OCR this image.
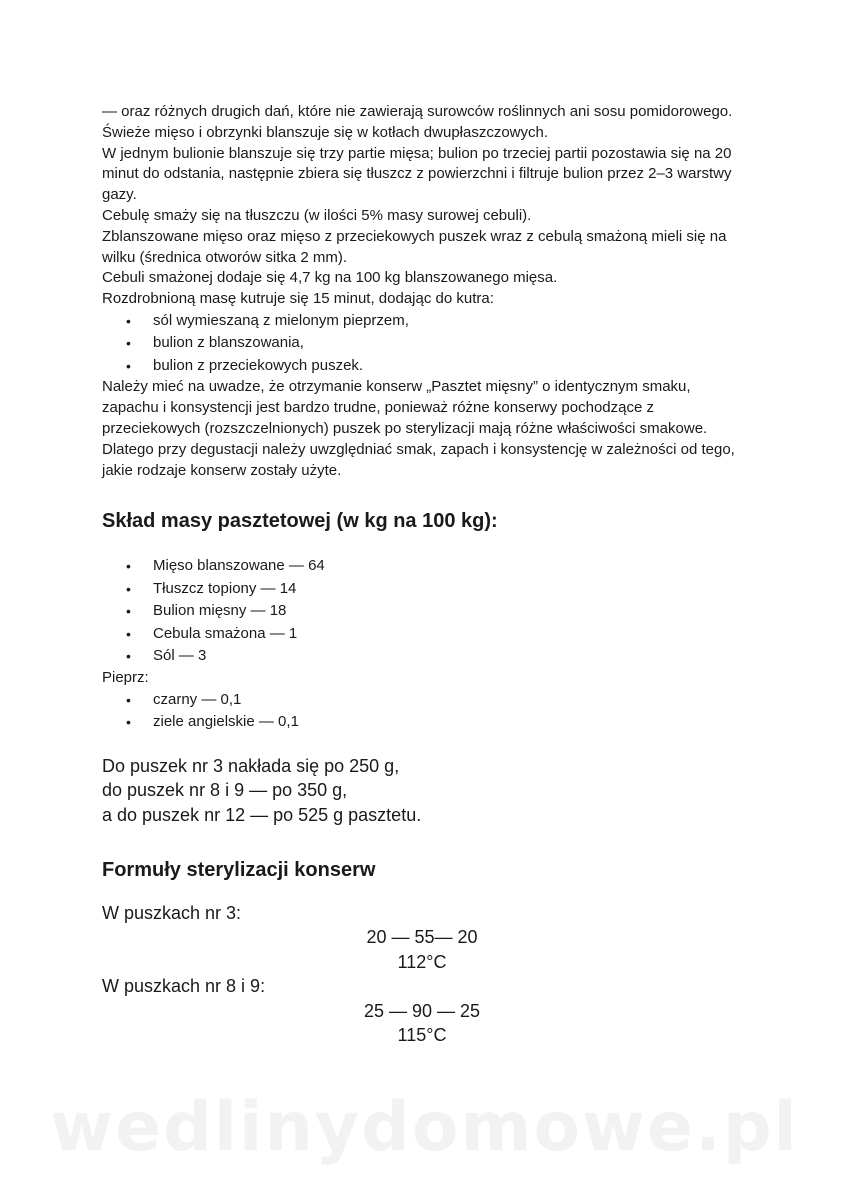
— oraz różnych drugich dań, które nie zawierają surowców roślinnych ani sosu pomidorowego.

Świeże mięso i obrzynki blanszuje się w kotłach dwupłaszczowych.

W jednym bulionie blanszuje się trzy partie mięsa; bulion po trzeciej partii pozostawia się na 20 minut do odstania, następnie zbiera się tłuszcz z powierzchni i filtruje bulion przez 2–3 warstwy gazy.

Cebulę smaży się na tłuszczu (w ilości 5% masy surowej cebuli).

Zblanszowane mięso oraz mięso z przeciekowych puszek wraz z cebulą smażoną mieli się na wilku (średnica otworów sitka 2 mm).

Cebuli smażonej dodaje się 4,7 kg na 100 kg blanszowanego mięsa.

Rozdrobnioną masę kutruje się 15 minut, dodając do kutra:

• sól wymieszaną z mielonym pieprzem,
• bulion z blanszowania,
• bulion z przeciekowych puszek.

Należy mieć na uwadze, że otrzymanie konserw „Pasztet mięsny” o identycznym smaku, zapachu i konsystencji jest bardzo trudne, ponieważ różne konserwy pochodzące z przeciekowych (rozszczelnionych) puszek po sterylizacji mają różne właściwości smakowe.

Dlatego przy degustacji należy uwzględniać smak, zapach i konsystencję w zależności od tego, jakie rodzaje konserw zostały użyte.

Skład masy pasztetowej (w kg na 100 kg):
• Mięso blanszowane — 64
• Tłuszcz topiony — 14
• Bulion mięsny — 18
• Cebula smażona — 1
• Sól — 3

Pieprz:

• czarny — 0,1
• ziele angielskie — 0,1

Do puszek nr 3 nakłada się po 250 g,

do puszek nr 8 i 9 — po 350 g,

a do puszek nr 12 — po 525 g pasztetu.

Formuły sterylizacji konserw

W puszkach nr 3:

20 — 55— 20

112°C

W puszkach nr 8 i 9:

25 — 90 — 25

115°C

wedlinydomowe.pl
